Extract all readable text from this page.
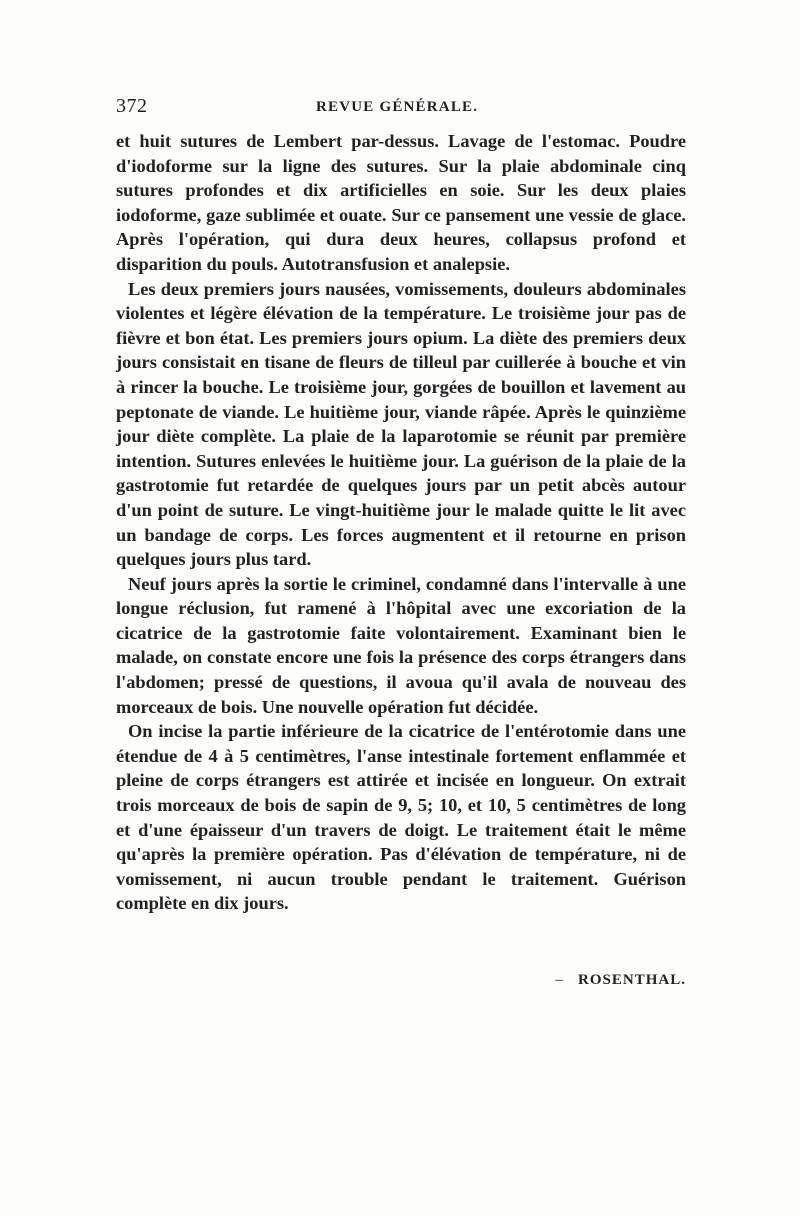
372	REVUE GÉNÉRALE.

et huit sutures de Lembert par-dessus. Lavage de l'estomac. Poudre d'iodoforme sur la ligne des sutures. Sur la plaie abdominale cinq sutures profondes et dix artificielles en soie. Sur les deux plaies iodoforme, gaze sublimée et ouate. Sur ce pansement une vessie de glace. Après l'opération, qui dura deux heures, collapsus profond et disparition du pouls. Autotransfusion et analepsie.

Les deux premiers jours nausées, vomissements, douleurs abdominales violentes et légère élévation de la température. Le troisième jour pas de fièvre et bon état. Les premiers jours opium. La diète des premiers deux jours consistait en tisane de fleurs de tilleul par cuillerée à bouche et vin à rincer la bouche. Le troisième jour, gorgées de bouillon et lavement au peptonate de viande. Le huitième jour, viande râpée. Après le quinzième jour diète complète. La plaie de la laparotomie se réunit par première intention. Sutures enlevées le huitième jour. La guérison de la plaie de la gastrotomie fut retardée de quelques jours par un petit abcès autour d'un point de suture. Le vingt-huitième jour le malade quitte le lit avec un bandage de corps. Les forces augmentent et il retourne en prison quelques jours plus tard.

Neuf jours après la sortie le criminel, condamné dans l'intervalle à une longue réclusion, fut ramené à l'hôpital avec une excoriation de la cicatrice de la gastrotomie faite volontairement. Examinant bien le malade, on constate encore une fois la présence des corps étrangers dans l'abdomen; pressé de questions, il avoua qu'il avala de nouveau des morceaux de bois. Une nouvelle opération fut décidée.

On incise la partie inférieure de la cicatrice de l'entérotomie dans une étendue de 4 à 5 centimètres, l'anse intestinale fortement enflammée et pleine de corps étrangers est attirée et incisée en longueur. On extrait trois morceaux de bois de sapin de 9, 5; 10, et 10, 5 centimètres de long et d'une épaisseur d'un travers de doigt. Le traitement était le même qu'après la première opération. Pas d'élévation de température, ni de vomissement, ni aucun trouble pendant le traitement. Guérison complète en dix jours.

– ROSENTHAL.
